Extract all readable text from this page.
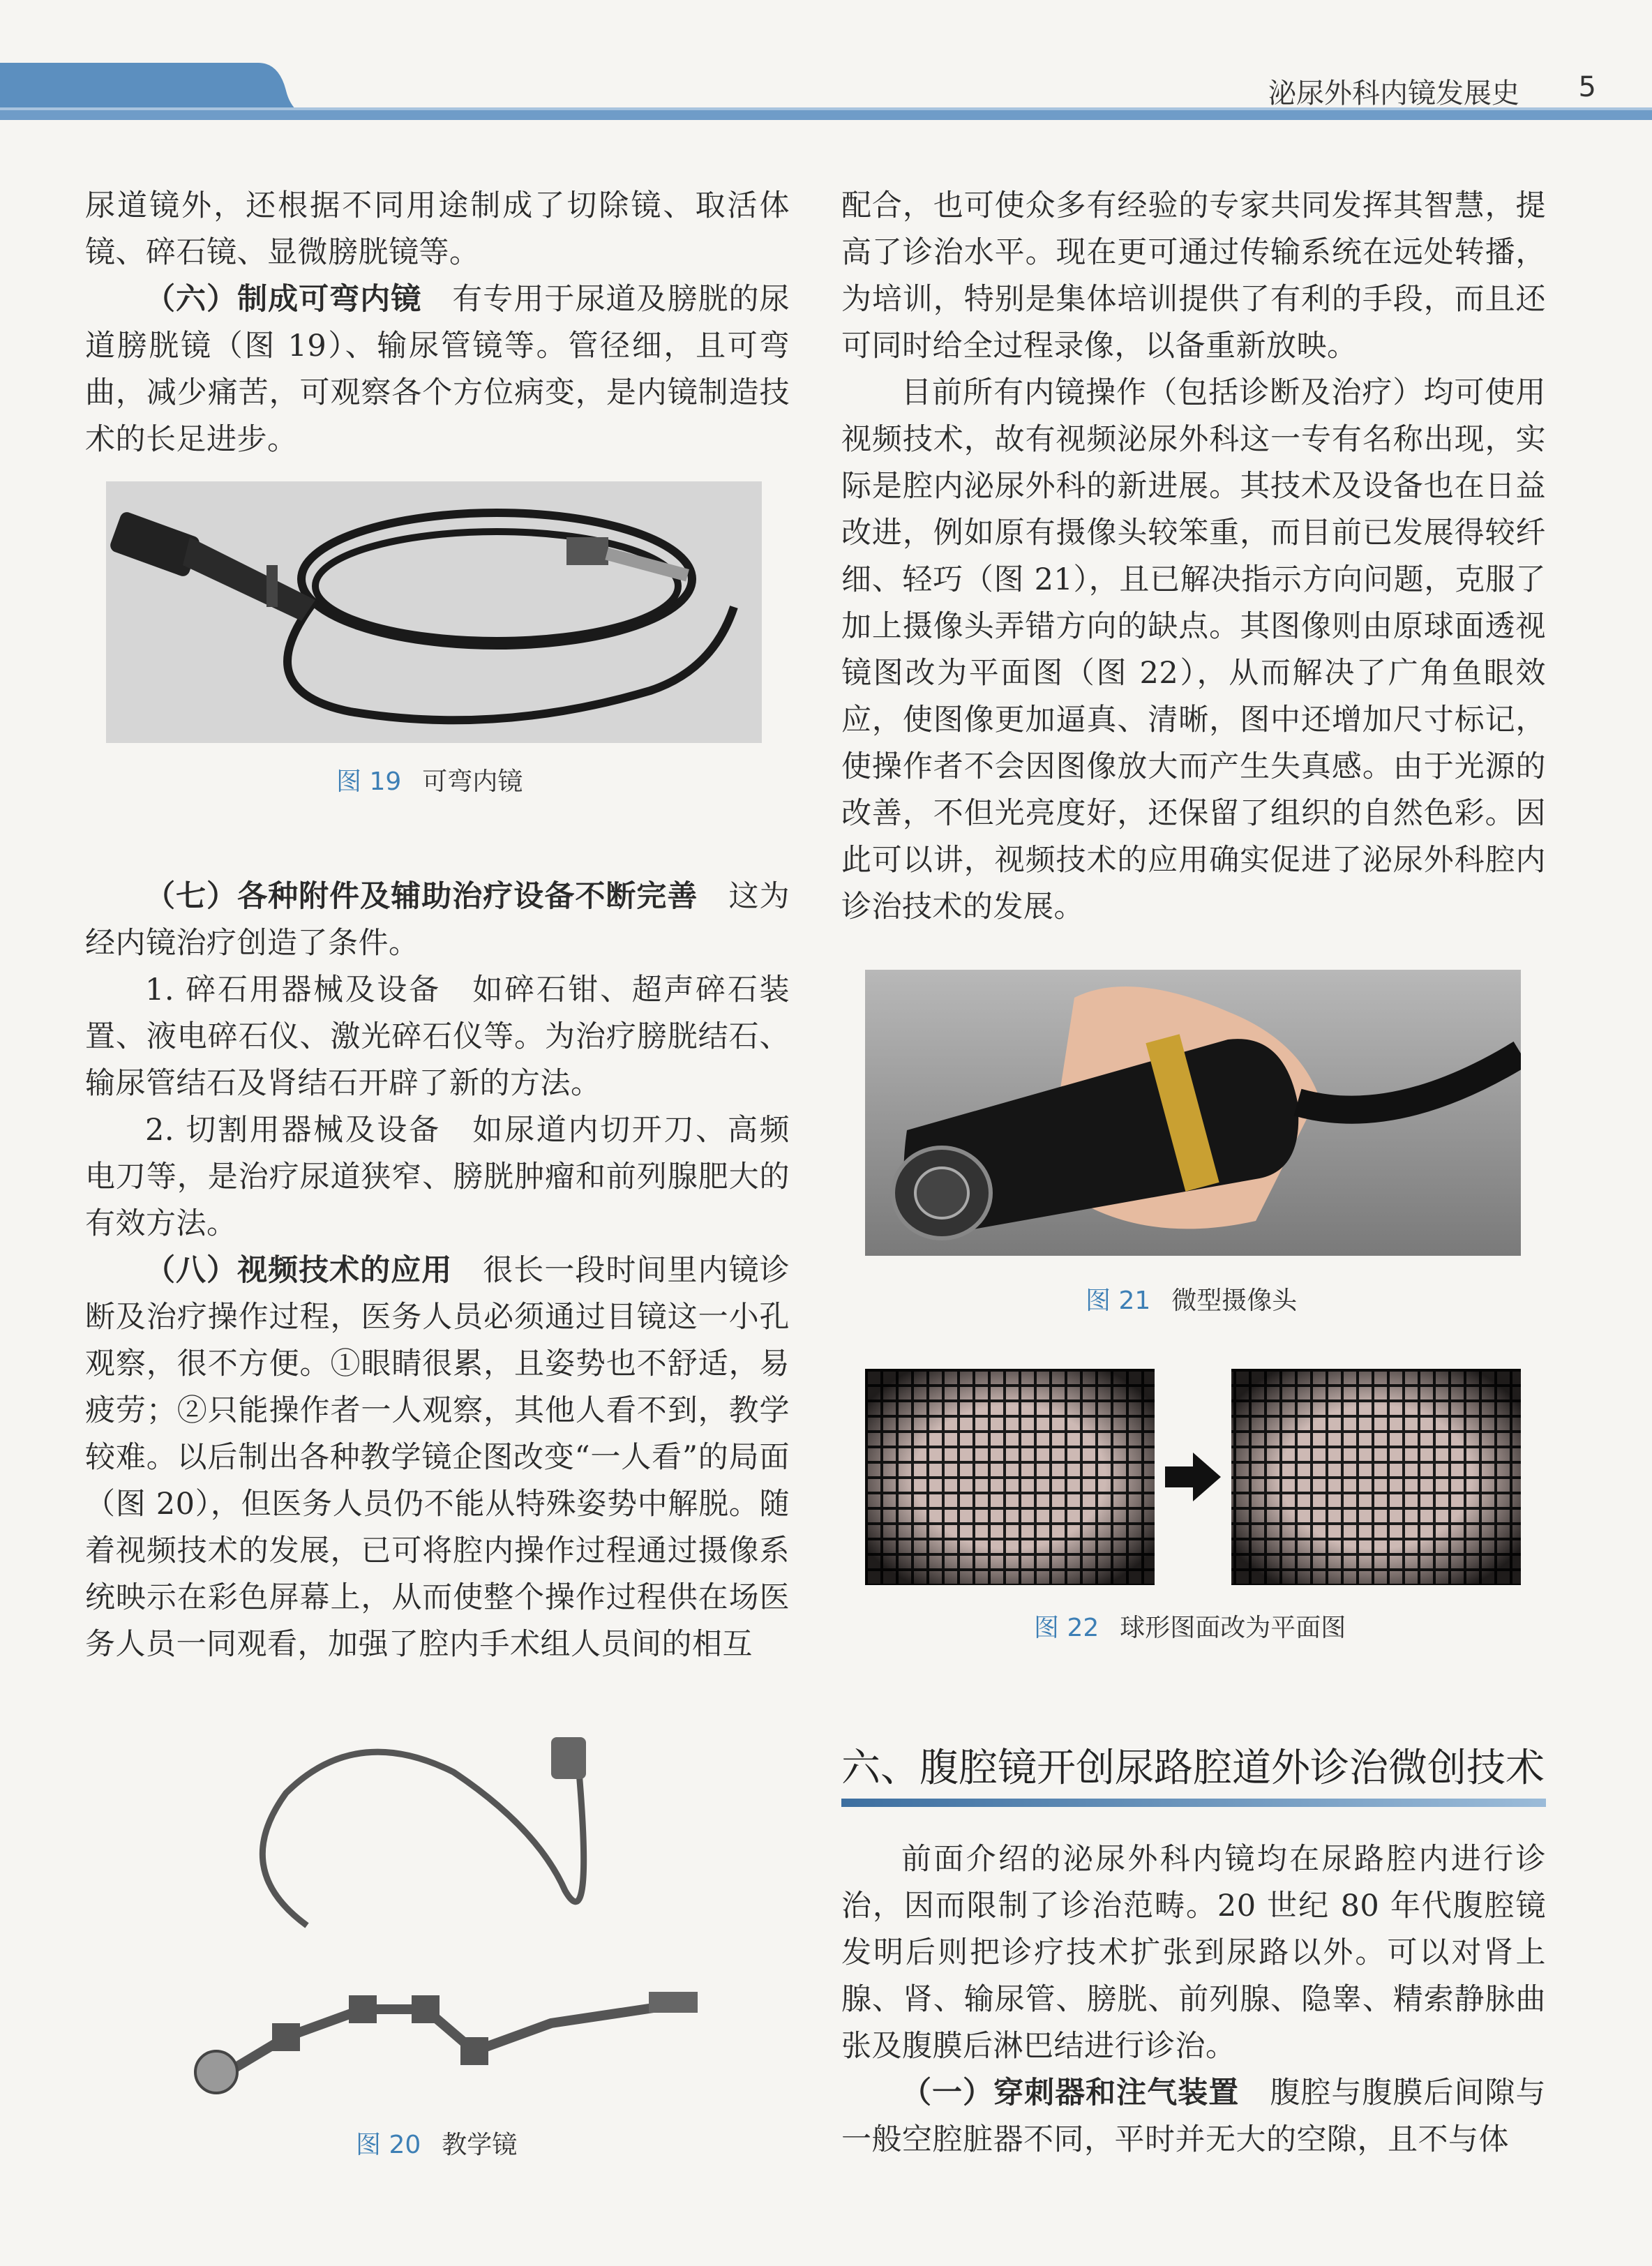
泌尿外科内镜发展史 5

尿道镜外，还根据不同用途制成了切除镜、取活体镜、碎石镜、显微膀胱镜等。

（六）制成可弯内镜　 有专用于尿道及膀胱的尿道膀胱镜（图 19）、输尿管镜等。管径细，且可弯曲，减少痛苦，可观察各个方位病变，是内镜制造技术的长足进步。

图 19 可弯内镜

（七）各种附件及辅助治疗设备不断完善　 这为经内镜治疗创造了条件。

1. 碎石用器械及设备　如碎石钳、超声碎石装置、液电碎石仪、激光碎石仪等。为治疗膀胱结石、输尿管结石及肾结石开辟了新的方法。

2. 切割用器械及设备　如尿道内切开刀、高频电刀等，是治疗尿道狭窄、膀胱肿瘤和前列腺肥大的有效方法。

（八）视频技术的应用　 很长一段时间里内镜诊断及治疗操作过程，医务人员必须通过目镜这一小孔观察，很不方便。①眼睛很累，且姿势也不舒适，易疲劳；②只能操作者一人观察，其他人看不到，教学较难。以后制出各种教学镜企图改变“一人看”的局面（图 20），但医务人员仍不能从特殊姿势中解脱。随着视频技术的发展，已可将腔内操作过程通过摄像系统映示在彩色屏幕上，从而使整个操作过程供在场医务人员一同观看，加强了腔内手术组人员间的相互

图 20 教学镜

配合，也可使众多有经验的专家共同发挥其智慧，提高了诊治水平。现在更可通过传输系统在远处转播，为培训，特别是集体培训提供了有利的手段，而且还可同时给全过程录像，以备重新放映。

目前所有内镜操作（包括诊断及治疗）均可使用视频技术，故有视频泌尿外科这一专有名称出现，实际是腔内泌尿外科的新进展。其技术及设备也在日益改进，例如原有摄像头较笨重，而目前已发展得较纤细、轻巧（图 21），且已解决指示方向问题，克服了加上摄像头弄错方向的缺点。其图像则由原球面透视镜图改为平面图（图 22），从而解决了广角鱼眼效应，使图像更加逼真、清晰，图中还增加尺寸标记，使操作者不会因图像放大而产生失真感。由于光源的改善，不但光亮度好，还保留了组织的自然色彩。因此可以讲，视频技术的应用确实促进了泌尿外科腔内诊治技术的发展。

图 21 微型摄像头
图 22 球形图面改为平面图
六、腹腔镜开创尿路腔道外诊治微创技术

前面介绍的泌尿外科内镜均在尿路腔内进行诊治，因而限制了诊治范畴。20 世纪 80 年代腹腔镜发明后则把诊疗技术扩张到尿路以外。可以对肾上腺、肾、输尿管、膀胱、前列腺、隐睾、精索静脉曲张及腹膜后淋巴结进行诊治。

（一）穿刺器和注气装置　 腹腔与腹膜后间隙与一般空腔脏器不同，平时并无大的空隙，且不与体
